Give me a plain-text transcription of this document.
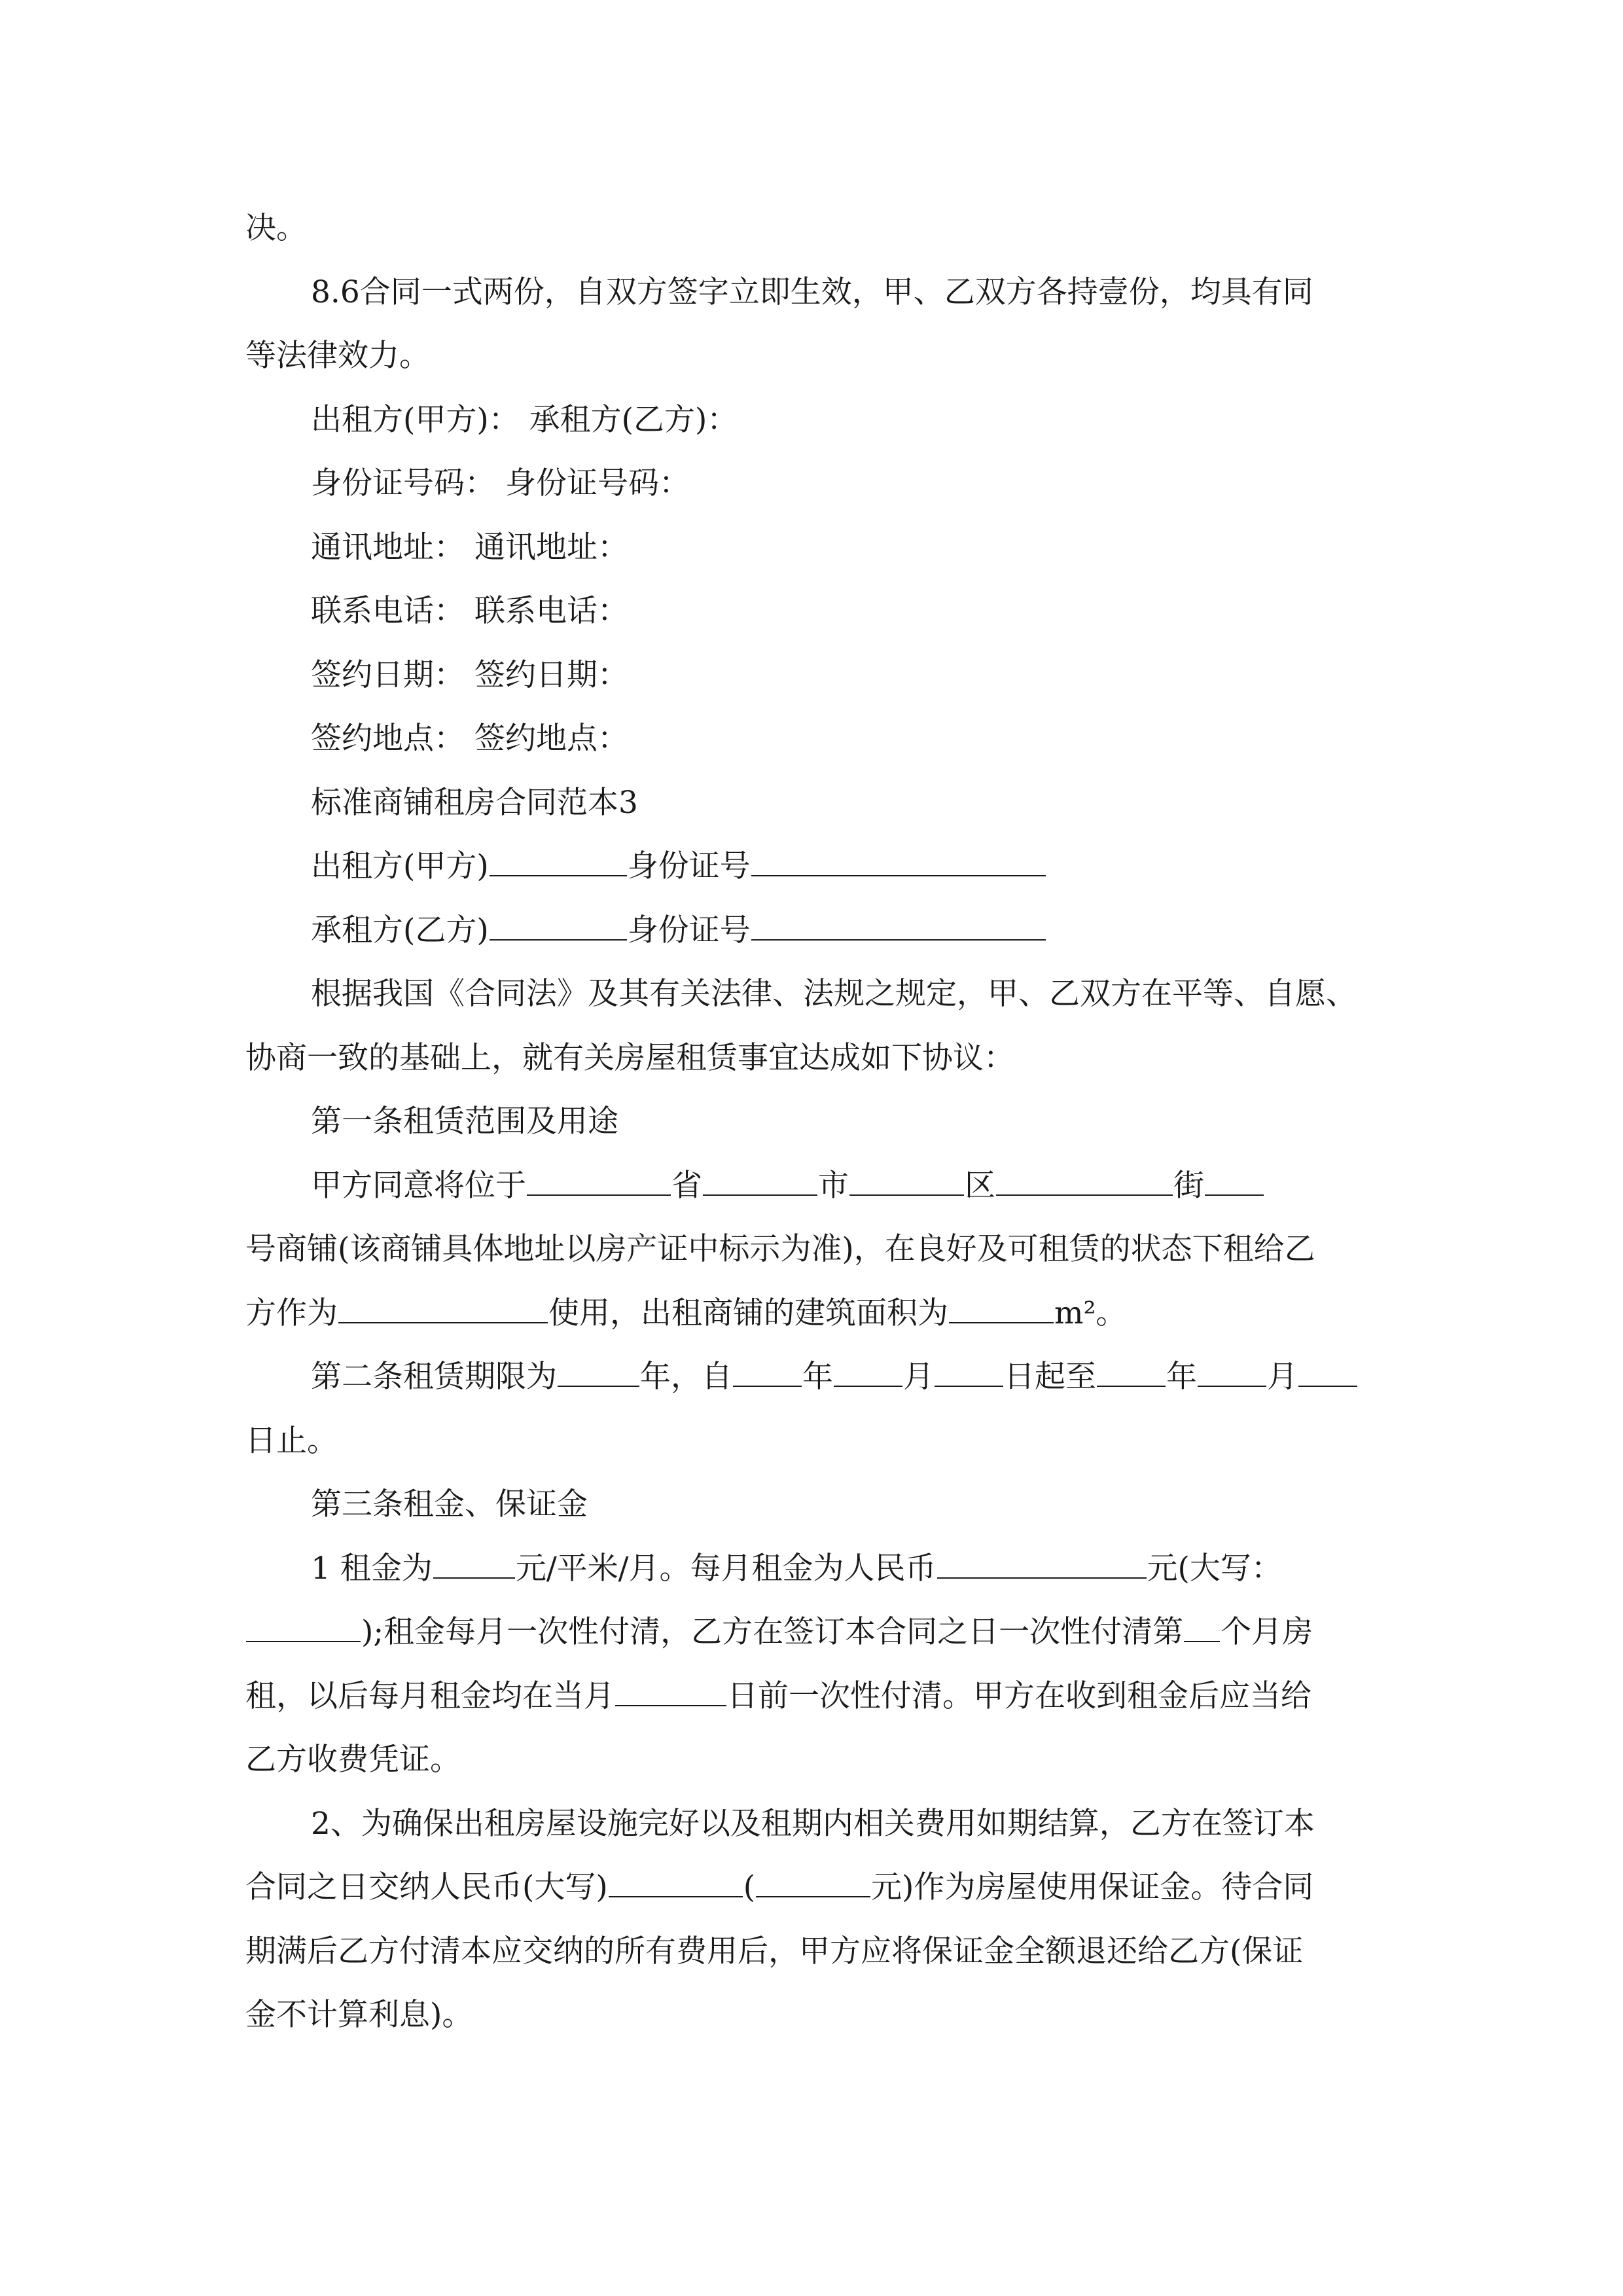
决。
8.6合同一式两份，自双方签字立即生效，甲、乙双方各持壹份，均具有同
等法律效力。
出租方(甲方)： 承租方(乙方)：
身份证号码： 身份证号码：
通讯地址： 通讯地址：
联系电话： 联系电话：
签约日期： 签约日期：
签约地点： 签约地点：
标准商铺租房合同范本3
出租方(甲方)	身份证号
承租方(乙方)	身份证号
根据我国《合同法》及其有关法律、法规之规定，甲、乙双方在平等、自愿、
协商一致的基础上，就有关房屋租赁事宜达成如下协议：
第一条租赁范围及用途
甲方同意将位于	省	市	区	街
号商铺(该商铺具体地址以房产证中标示为准)，在良好及可租赁的状态下租给乙
方作为	使用，出租商铺的建筑面积为	m²。
第二条租赁期限为	年，自 年 月 日起至 年 月
日止。
第三条租金、保证金
1 租金为	元/平米/月。每月租金为人民币	元(大写：
);租金每月一次性付清，乙方在签订本合同之日一次性付清第 个月房
租，以后每月租金均在当月	日前一次性付清。甲方在收到租金后应当给
乙方收费凭证。
2、为确保出租房屋设施完好以及租期内相关费用如期结算，乙方在签订本
合同之日交纳人民币(大写)	(	元)作为房屋使用保证金。待合同
期满后乙方付清本应交纳的所有费用后，甲方应将保证金全额退还给乙方(保证
金不计算利息)。
